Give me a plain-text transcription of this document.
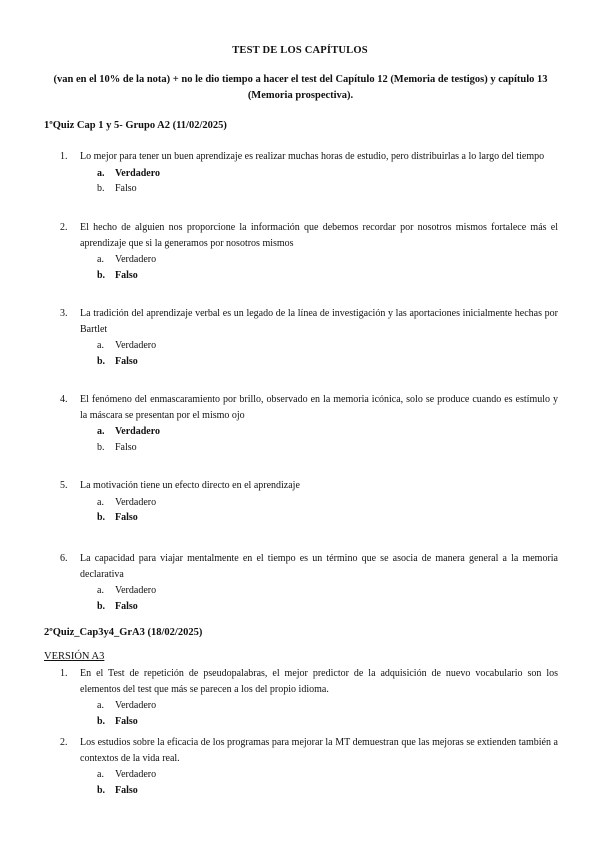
TEST DE LOS CAPÍTULOS
(van en el 10% de la nota) + no le dio tiempo a hacer el test del Capítulo 12 (Memoria de testigos) y capítulo 13 (Memoria prospectiva).
1ºQuiz Cap 1 y 5- Grupo A2 (11/02/2025)
1.	Lo mejor para tener un buen aprendizaje es realizar muchas horas de estudio, pero distribuirlas a lo largo del tiempo
a.	Verdadero
b.	Falso
2.	El hecho de alguien nos proporcione la información que debemos recordar por nosotros mismos fortalece más el aprendizaje que si la generamos por nosotros mismos
a.	Verdadero
b. Falso
3.	La tradición del aprendizaje verbal es un legado de la línea de investigación y las aportaciones inicialmente hechas por Bartlet
a.	Verdadero
b. Falso
4.	El fenómeno del enmascaramiento por brillo, observado en la memoria icónica, solo se produce cuando es estímulo y la máscara se presentan por el mismo ojo
a.	Verdadero
b.	Falso
5.	La motivación tiene un efecto directo en el aprendizaje
a.	Verdadero
b. Falso
6.	La capacidad para viajar mentalmente en el tiempo es un término que se asocia de manera general a la memoria declarativa
a.	Verdadero
b. Falso
2ºQuiz_Cap3y4_GrA3 (18/02/2025)
VERSIÓN A3
1.	En el Test de repetición de pseudopalabras, el mejor predictor de la adquisición de nuevo vocabulario son los elementos del test que más se parecen a los del propio idioma.
a.	Verdadero
b. Falso
2.	Los estudios sobre la eficacia de los programas para mejorar la MT demuestran que las mejoras se extienden también a contextos de la vida real.
a.	Verdadero
b. Falso
